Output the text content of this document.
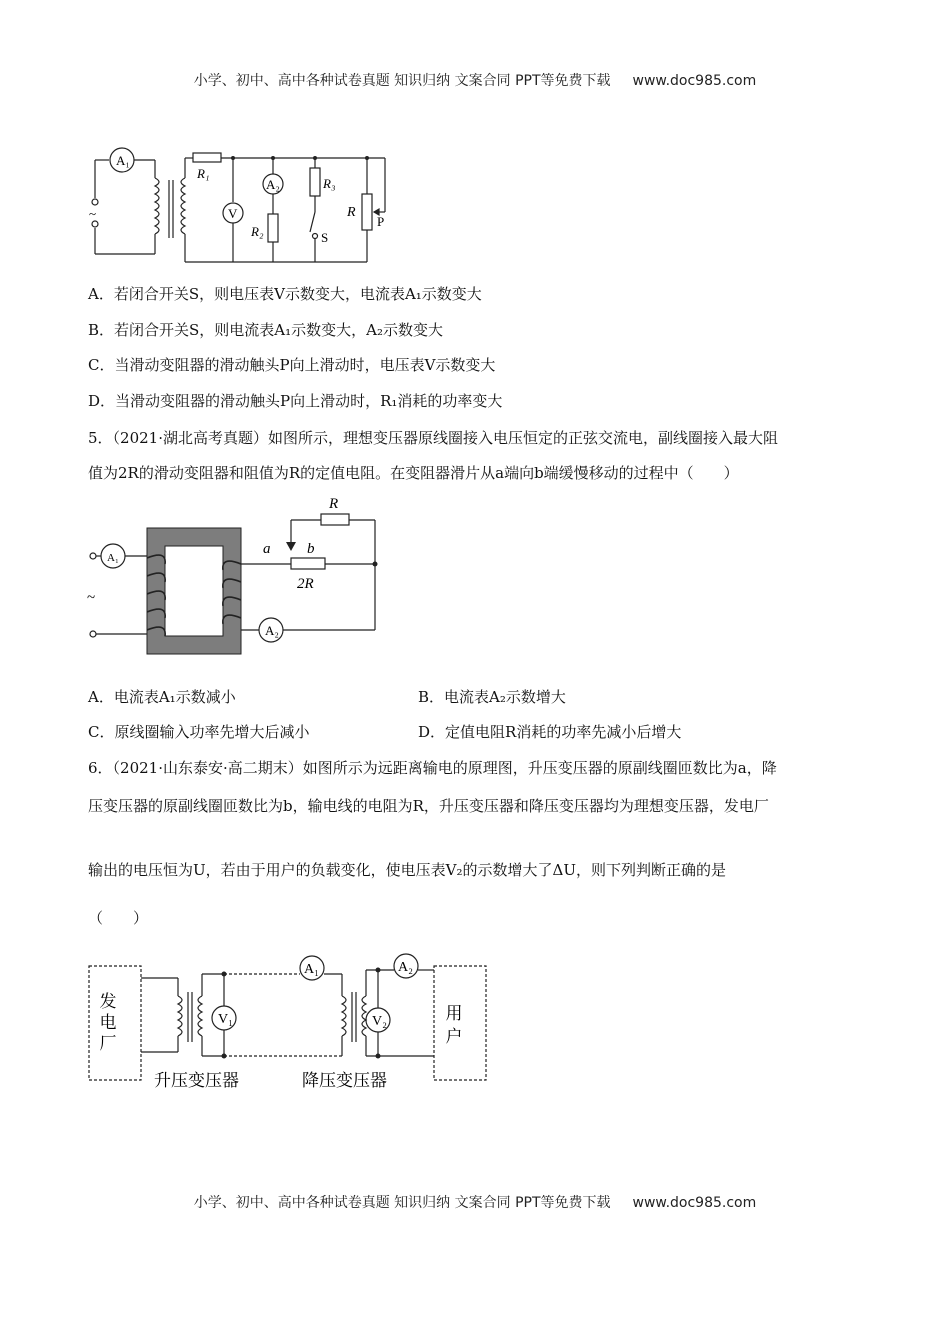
小学、初中、高中各种试卷真题 知识归纳 文案合同 PPT等免费下载 www.doc985.com
A₁
~
R₁
V
A₂
R₂
R₃
S
R
P
A．若闭合开关S，则电压表V示数变大，电流表A₁示数变大
B．若闭合开关S，则电流表A₁示数变大，A₂示数变大
C．当滑动变阻器的滑动触头P向上滑动时，电压表V示数变大
D．当滑动变阻器的滑动触头P向上滑动时，R₁消耗的功率变大
5．（2021·湖北高考真题）如图所示，理想变压器原线圈接入电压恒定的正弦交流电，副线圈接入最大阻
值为2R的滑动变阻器和阻值为R的定值电阻。在变阻器滑片从a端向b端缓慢移动的过程中（　　）
A₁
~
A₂
R
a b
2R
A．电流表A₁示数减小	B．电流表A₂示数增大
C．原线圈输入功率先增大后减小	D．定值电阻R消耗的功率先减小后增大
6．（2021·山东泰安·高二期末）如图所示为远距离输电的原理图，升压变压器的原副线圈匝数比为a，降
压变压器的原副线圈匝数比为b，输电线的电阻为R，升压变压器和降压变压器均为理想变压器，发电厂
输出的电压恒为U，若由于用户的负载变化，使电压表V₂的示数增大了ΔU，则下列判断正确的是
（　　）
V₁	V₂
A₁	A₂
发电厂	用户
升压变压器	降压变压器
小学、初中、高中各种试卷真题 知识归纳 文案合同 PPT等免费下载 www.doc985.com
